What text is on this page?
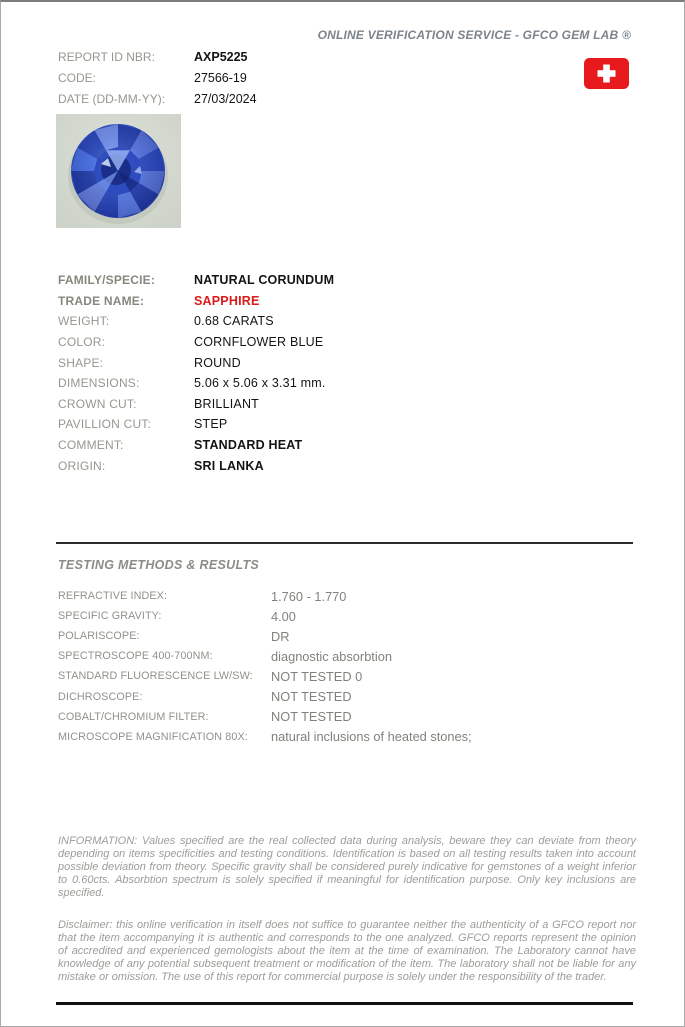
ONLINE VERIFICATION SERVICE - GFCO GEM LAB ®
REPORT ID NBR:	AXP5225
CODE:	27566-19
DATE (DD-MM-YY):	27/03/2024
FAMILY/SPECIE:	NATURAL CORUNDUM
TRADE NAME:	SAPPHIRE
WEIGHT:	0.68 CARATS
COLOR:	CORNFLOWER BLUE
SHAPE:	ROUND
DIMENSIONS:	5.06 x 5.06 x 3.31 mm.
CROWN CUT:	BRILLIANT
PAVILLION CUT:	STEP
COMMENT:	STANDARD HEAT
ORIGIN:	SRI LANKA
TESTING METHODS & RESULTS
REFRACTIVE INDEX:	1.760 - 1.770
SPECIFIC GRAVITY:	4.00
POLARISCOPE:	DR
SPECTROSCOPE 400-700NM:	diagnostic absorbtion
STANDARD FLUORESCENCE LW/SW:	NOT TESTED 0
DICHROSCOPE:	NOT TESTED
COBALT/CHROMIUM FILTER:	NOT TESTED
MICROSCOPE MAGNIFICATION 80X:	natural inclusions of heated stones;

INFORMATION: Values specified are the real collected data during analysis, beware they can deviate from theory depending on items specificities and testing conditions. Identification is based on all testing results taken into account possible deviation from theory. Specific gravity shall be considered purely indicative for gemstones of a weight inferior to 0.60cts. Absorbtion spectrum is solely specified if meaningful for identification purpose. Only key inclusions are specified.

Disclaimer: this online verification in itself does not suffice to guarantee neither the authenticity of a GFCO report nor that the item accompanying it is authentic and corresponds to the one analyzed. GFCO reports represent the opinion of accredited and experienced gemologists about the item at the time of examination. The Laboratory cannot have knowledge of any potential subsequent treatment or modification of the item. The laboratory shall not be liable for any mistake or omission. The use of this report for commercial purpose is solely under the responsibility of the trader.
